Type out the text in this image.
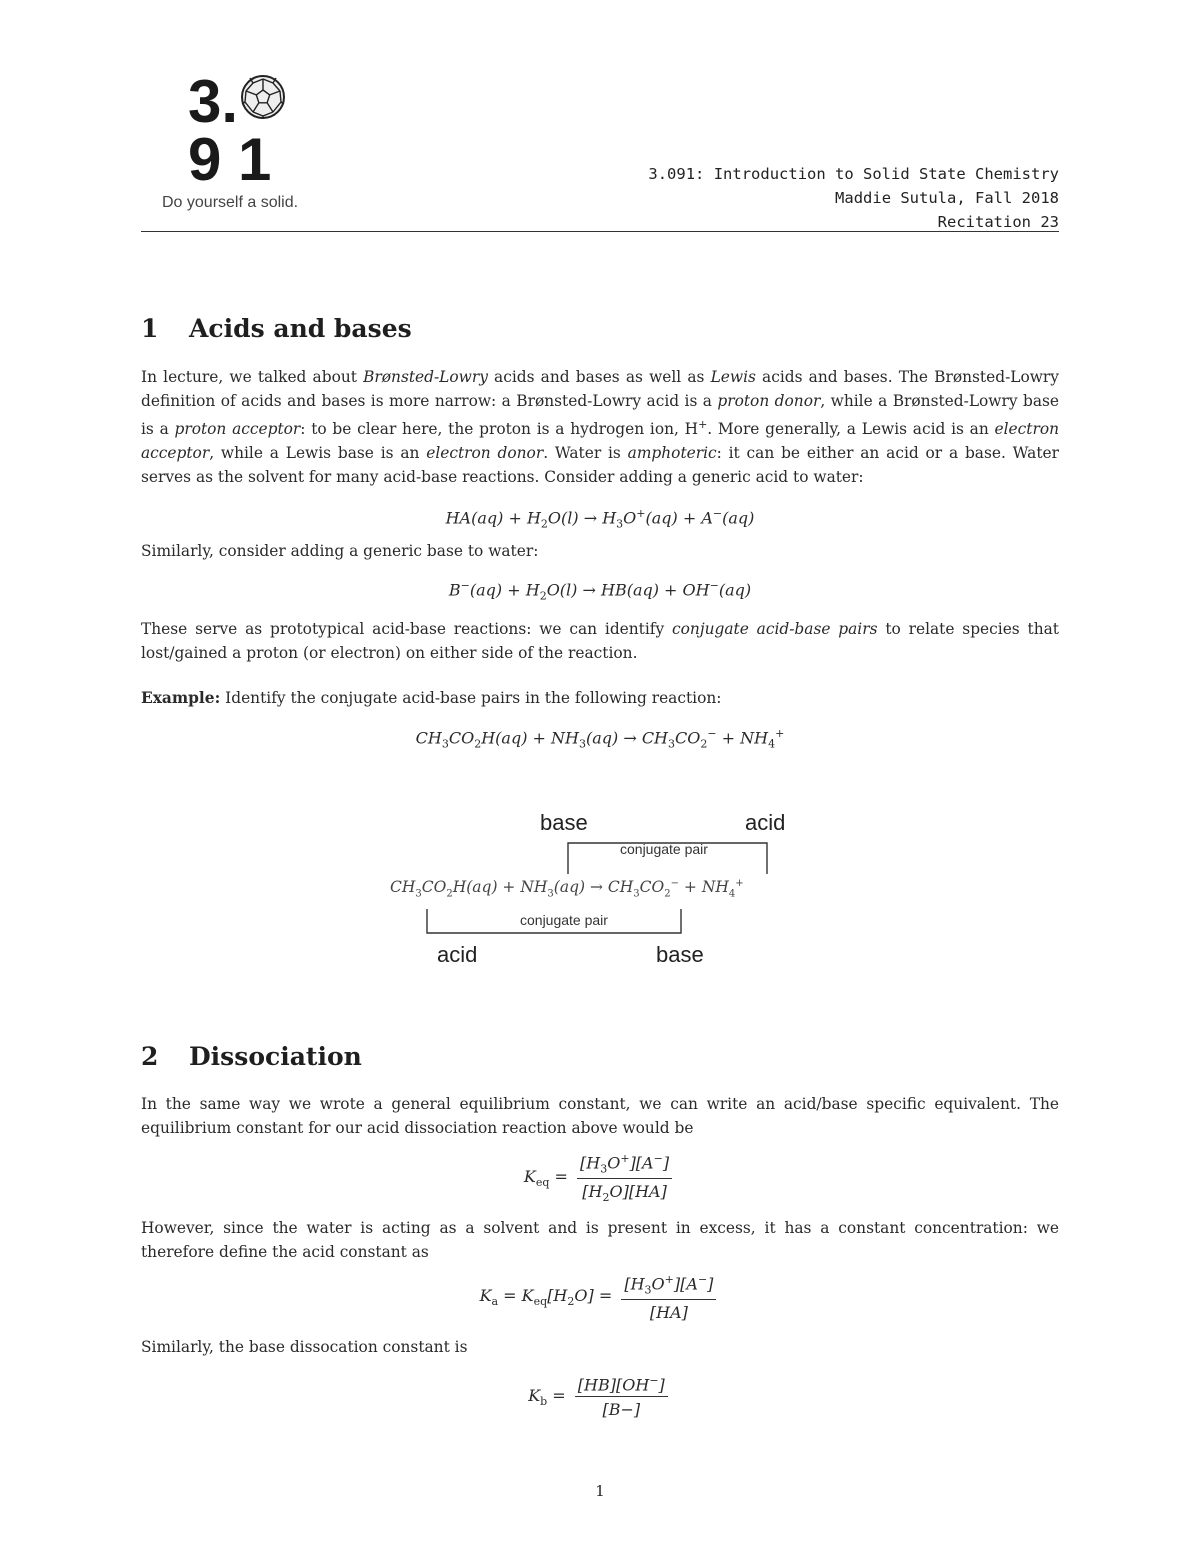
3.
9 1
Do yourself a solid.
3.091: Introduction to Solid State Chemistry
Maddie Sutula, Fall 2018
Recitation 23
1 Acids and bases
In lecture, we talked about Brønsted-Lowry acids and bases as well as Lewis acids and bases. The Brønsted-Lowry definition of acids and bases is more narrow: a Brønsted-Lowry acid is a proton donor, while a Brønsted-Lowry base is a proton acceptor: to be clear here, the proton is a hydrogen ion, H+. More generally, a Lewis acid is an electron acceptor, while a Lewis base is an electron donor. Water is amphoteric: it can be either an acid or a base. Water serves as the solvent for many acid-base reactions. Consider adding a generic acid to water:
$HA(aq) + H_2O(l) \to H_3O^+(aq) + A^-(aq)$
Similarly, consider adding a generic base to water:
$B^-(aq) + H_2O(l) \to HB(aq) + OH^-(aq)$
These serve as prototypical acid-base reactions: we can identify conjugate acid-base pairs to relate species that lost/gained a proton (or electron) on either side of the reaction.
Example: Identify the conjugate acid-base pairs in the following reaction:
$CH_3CO_2H(aq) + NH_3(aq) \to CH_3CO_2^- + NH_4^+$
base	acid
conjugate pair
$CH_3CO_2H(aq) + NH_3(aq) \to CH_3CO_2^- + NH_4^+$
conjugate pair
acid	base
2 Dissociation
In the same way we wrote a general equilibrium constant, we can write an acid/base specific equivalent. The equilibrium constant for our acid dissociation reaction above would be
$K_{eq} = \frac{[H_3O^+][A^-]}{[H_2O][HA]}$
However, since the water is acting as a solvent and is present in excess, it has a constant concentration: we therefore define the acid constant as
$K_a = K_{eq}[H_2O] = \frac{[H_3O^+][A^-]}{[HA]}$
Similarly, the base dissocation constant is
$K_b = \frac{[HB][OH^-]}{[B-]}$
1
